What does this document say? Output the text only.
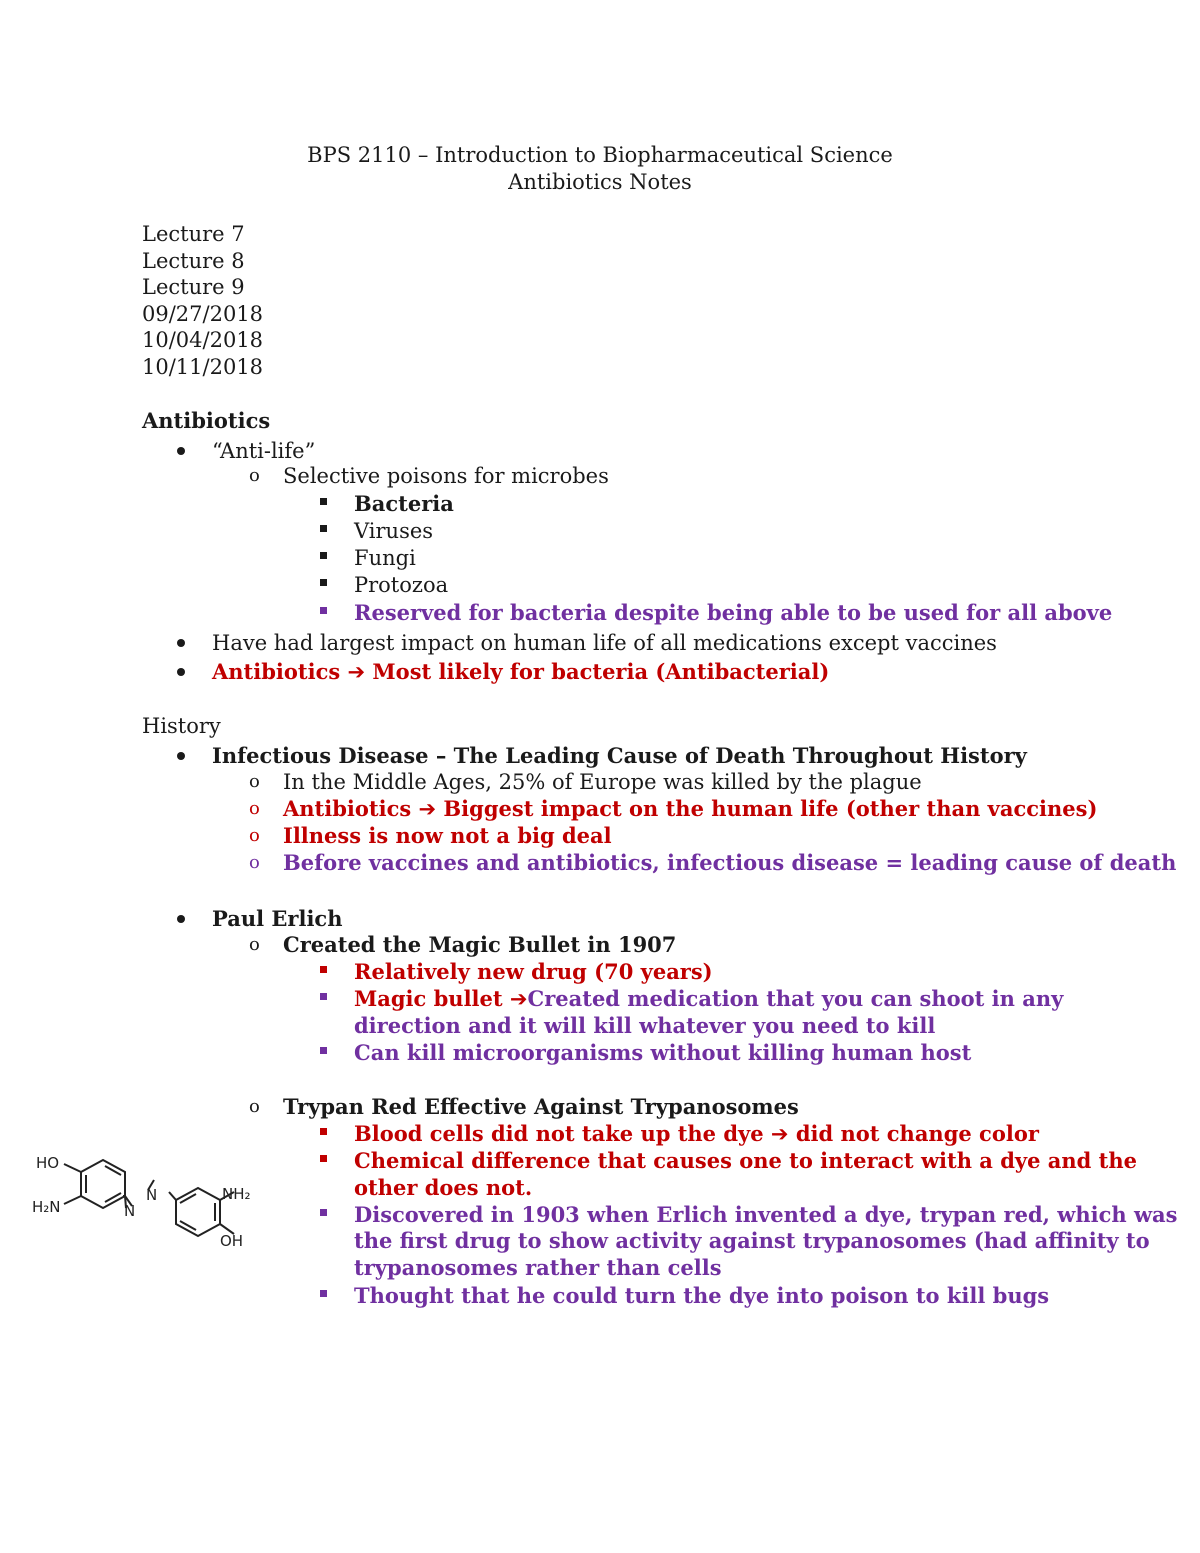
BPS 2110 – Introduction to Biopharmaceutical Science
Antibiotics Notes
Lecture 7
Lecture 8
Lecture 9
09/27/2018
10/04/2018
10/11/2018
Antibiotics
“Anti-life”
o Selective poisons for microbes
Bacteria
Viruses
Fungi
Protozoa
Reserved for bacteria despite being able to be used for all above
Have had largest impact on human life of all medications except vaccines
Antibiotics ➔ Most likely for bacteria (Antibacterial)
History
Infectious Disease – The Leading Cause of Death Throughout History
o In the Middle Ages, 25% of Europe was killed by the plague
o Antibiotics ➔ Biggest impact on the human life (other than vaccines)
o Illness is now not a big deal
o Before vaccines and antibiotics, infectious disease = leading cause of death
Paul Erlich
o Created the Magic Bullet in 1907
Relatively new drug (70 years)
Magic bullet ➔Created medication that you can shoot in any
direction and it will kill whatever you need to kill
Can kill microorganisms without killing human host
o Trypan Red Effective Against Trypanosomes
Blood cells did not take up the dye ➔ did not change color
Chemical difference that causes one to interact with a dye and the
other does not.
Discovered in 1903 when Erlich invented a dye, trypan red, which was
the first drug to show activity against trypanosomes (had affinity to
trypanosomes rather than cells
Thought that he could turn the dye into poison to kill bugs
HO
H₂N	N
N	NH₂
OH
